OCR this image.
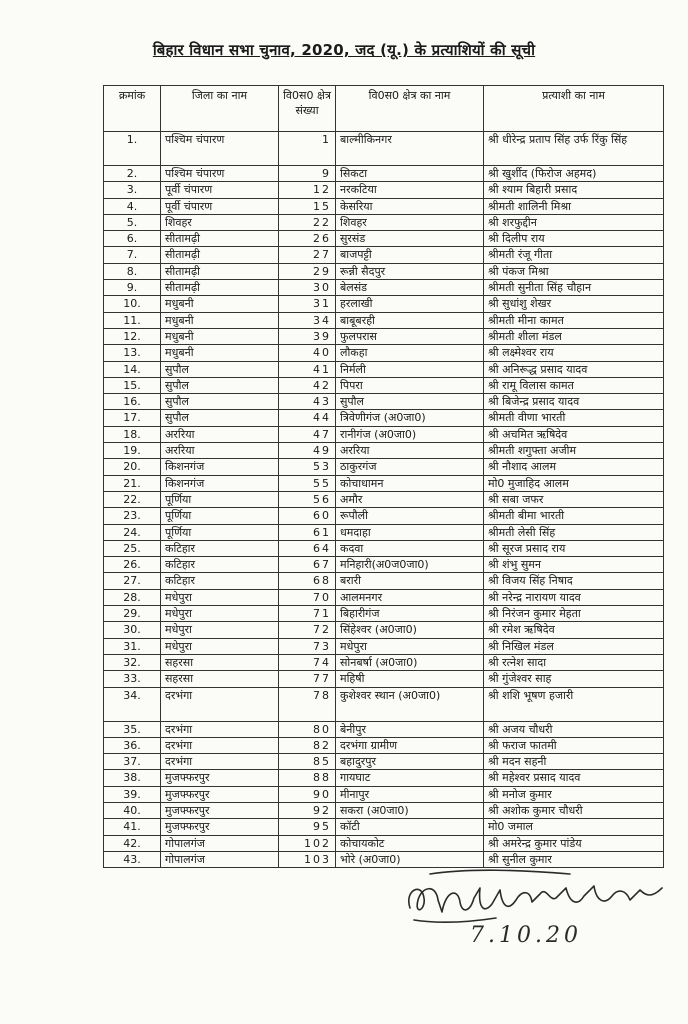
बिहार विधान सभा चुनाव, 2020, जद (यू.) के प्रत्याशियों की सूची
क्रमांक	जिला का नाम	वि0स0 क्षेत्र संख्या	वि0स0 क्षेत्र का नाम	प्रत्याशी का नाम
1.	पश्चिम चंपारण	1	बाल्मीकिनगर	श्री धीरेन्द्र प्रताप सिंह उर्फ रिंकु सिंह
2.	पश्चिम चंपारण	9	सिकटा	श्री खुर्शीद (फिरोज अहमद)
3.	पूर्वी चंपारण	12	नरकटिया	श्री श्याम बिहारी प्रसाद
4.	पूर्वी चंपारण	15	केसरिया	श्रीमती शालिनी मिश्रा
5.	शिवहर	22	शिवहर	श्री शरफुद्दीन
6.	सीतामढ़ी	26	सुरसंड	श्री दिलीप राय
7.	सीतामढ़ी	27	बाजपट्टी	श्रीमती रंजू गीता
8.	सीतामढ़ी	29	रून्नी सैदपुर	श्री पंकज मिश्रा
9.	सीतामढ़ी	30	बेलसंड	श्रीमती सुनीता सिंह चौहान
10.	मधुबनी	31	हरलाखी	श्री सुधांशु शेखर
11.	मधुबनी	34	बाबूबरही	श्रीमती मीना कामत
12.	मधुबनी	39	फुलपरास	श्रीमती शीला मंडल
13.	मधुबनी	40	लौकहा	श्री लक्ष्मेश्वर राय
14.	सुपौल	41	निर्मली	श्री अनिरूद्ध प्रसाद यादव
15.	सुपौल	42	पिपरा	श्री रामू विलास कामत
16.	सुपौल	43	सुपौल	श्री बिजेन्द्र प्रसाद यादव
17.	सुपौल	44	त्रिवेणीगंज (अ0जा0)	श्रीमती वीणा भारती
18.	अररिया	47	रानीगंज (अ0जा0)	श्री अचमित ऋषिदेव
19.	अररिया	49	अररिया	श्रीमती शगुफ्ता अजीम
20.	किशनगंज	53	ठाकुरगंज	श्री नौशाद आलम
21.	किशनगंज	55	कोचाधामन	मो0 मुजाहिद आलम
22.	पूर्णिया	56	अमौर	श्री सबा जफर
23.	पूर्णिया	60	रूपौली	श्रीमती बीमा भारती
24.	पूर्णिया	61	धमदाहा	श्रीमती लेसी सिंह
25.	कटिहार	64	कदवा	श्री सूरज प्रसाद राय
26.	कटिहार	67	मनिहारी(अ0ज0जा0)	श्री शंभु सुमन
27.	कटिहार	68	बरारी	श्री विजय सिंह निषाद
28.	मधेपुरा	70	आलमनगर	श्री नरेन्द्र नारायण यादव
29.	मधेपुरा	71	बिहारीगंज	श्री निरंजन कुमार मेहता
30.	मधेपुरा	72	सिंहेश्वर (अ0जा0)	श्री रमेश ऋषिदेव
31.	मधेपुरा	73	मधेपुरा	श्री निखिल मंडल
32.	सहरसा	74	सोनबर्षा (अ0जा0)	श्री रत्नेश सादा
33.	सहरसा	77	महिषी	श्री गुंजेश्वर साह
34.	दरभंगा	78	कुशेश्वर स्थान (अ0जा0)	श्री शशि भूषण हजारी
35.	दरभंगा	80	बेनीपुर	श्री अजय चौधरी
36.	दरभंगा	82	दरभंगा ग्रामीण	श्री फराज फातमी
37.	दरभंगा	85	बहादुरपुर	श्री मदन सहनी
38.	मुजफ्फरपुर	88	गायघाट	श्री महेश्वर प्रसाद यादव
39.	मुजफ्फरपुर	90	मीनापुर	श्री मनोज कुमार
40.	मुजफ्फरपुर	92	सकरा (अ0जा0)	श्री अशोक कुमार चौधरी
41.	मुजफ्फरपुर	95	कॉटी	मो0 जमाल
42.	गोपालगंज	102	कोचायकोट	श्री अमरेन्द्र कुमार पांडेय
43.	गोपालगंज	103	भोरे (अ0जा0)	श्री सुनील कुमार
7.10.20
